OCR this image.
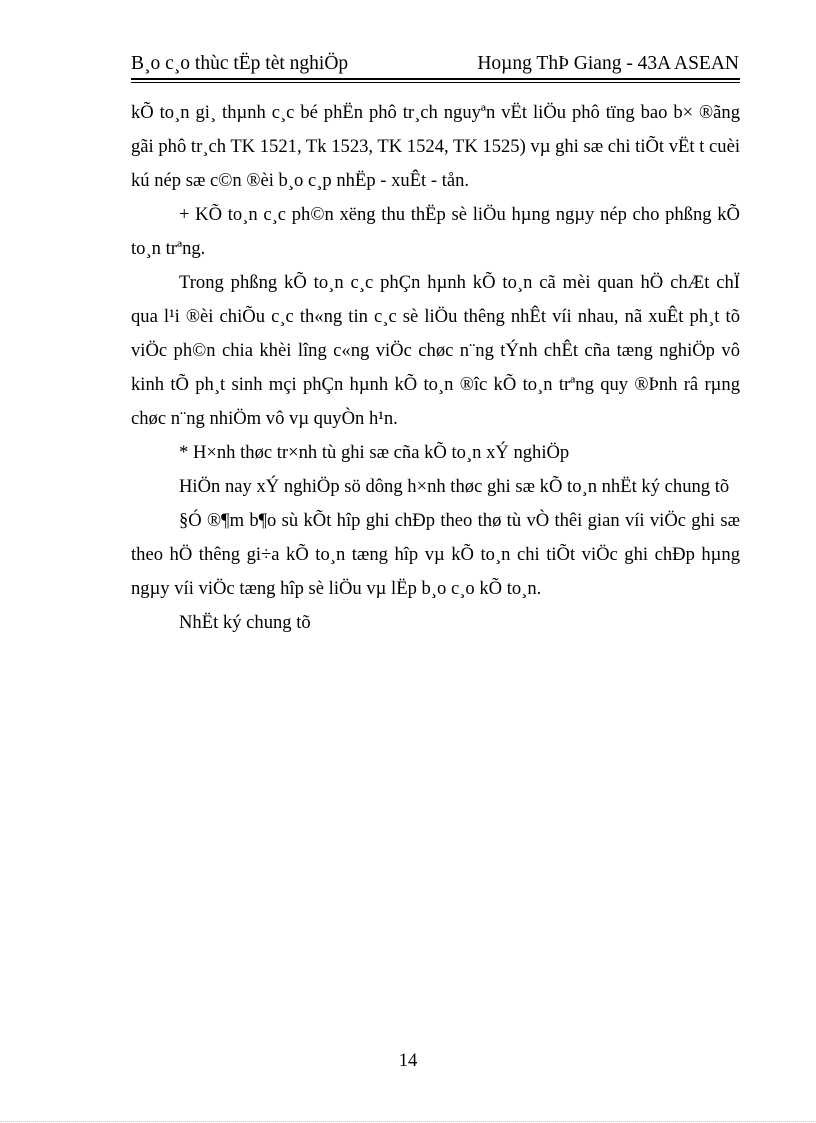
B¸o c¸o thùc tËp tèt nghiÖp	Hoµng ThÞ Giang - 43A ASEAN

kÕ to¸n gi¸ thµnh c¸c bé phËn phô tr¸ch nguyªn vËt liÖu phô tïng bao b× ®ãng gãi phô tr¸ch TK 1521, Tk 1523, TK 1524, TK 1525) vµ ghi sæ chi tiÕt vËt t cuèi kú nép sæ c©n ®èi b¸o c¸p nhËp - xuÊt - tån.

+ KÕ to¸n c¸c ph©n xëng thu thËp sè liÖu hµng ngµy nép cho phßng kÕ to¸n trªng.

Trong phßng kÕ to¸n c¸c phÇn hµnh kÕ to¸n cã mèi quan hÖ chÆt chÏ qua l¹i ®èi chiÕu c¸c th«ng tin c¸c sè liÖu thêng nhÊt víi nhau, nã xuÊt ph¸t tõ viÖc ph©n chia khèi lîng c«ng viÖc chøc n¨ng tÝnh chÊt cña tæng nghiÖp vô kinh tÕ ph¸t sinh mçi phÇn hµnh kÕ to¸n ®îc kÕ to¸n trªng quy ®Þnh râ rµng chøc n¨ng nhiÖm vô vµ quyÒn h¹n.

* H×nh thøc tr×nh tù ghi sæ cña kÕ to¸n xÝ nghiÖp

HiÖn nay xÝ nghiÖp sö dông h×nh thøc ghi sæ kÕ to¸n nhËt ký chung tõ

§Ó ®¶m b¶o sù kÕt hîp ghi chÐp theo thø tù vÒ thêi gian víi viÖc ghi sæ theo hÖ thêng gi÷a kÕ to¸n tæng hîp vµ kÕ to¸n chi tiÕt viÖc ghi chÐp hµng ngµy víi viÖc tæng hîp sè liÖu vµ lËp b¸o c¸o kÕ to¸n.

NhËt ký chung tõ

14
